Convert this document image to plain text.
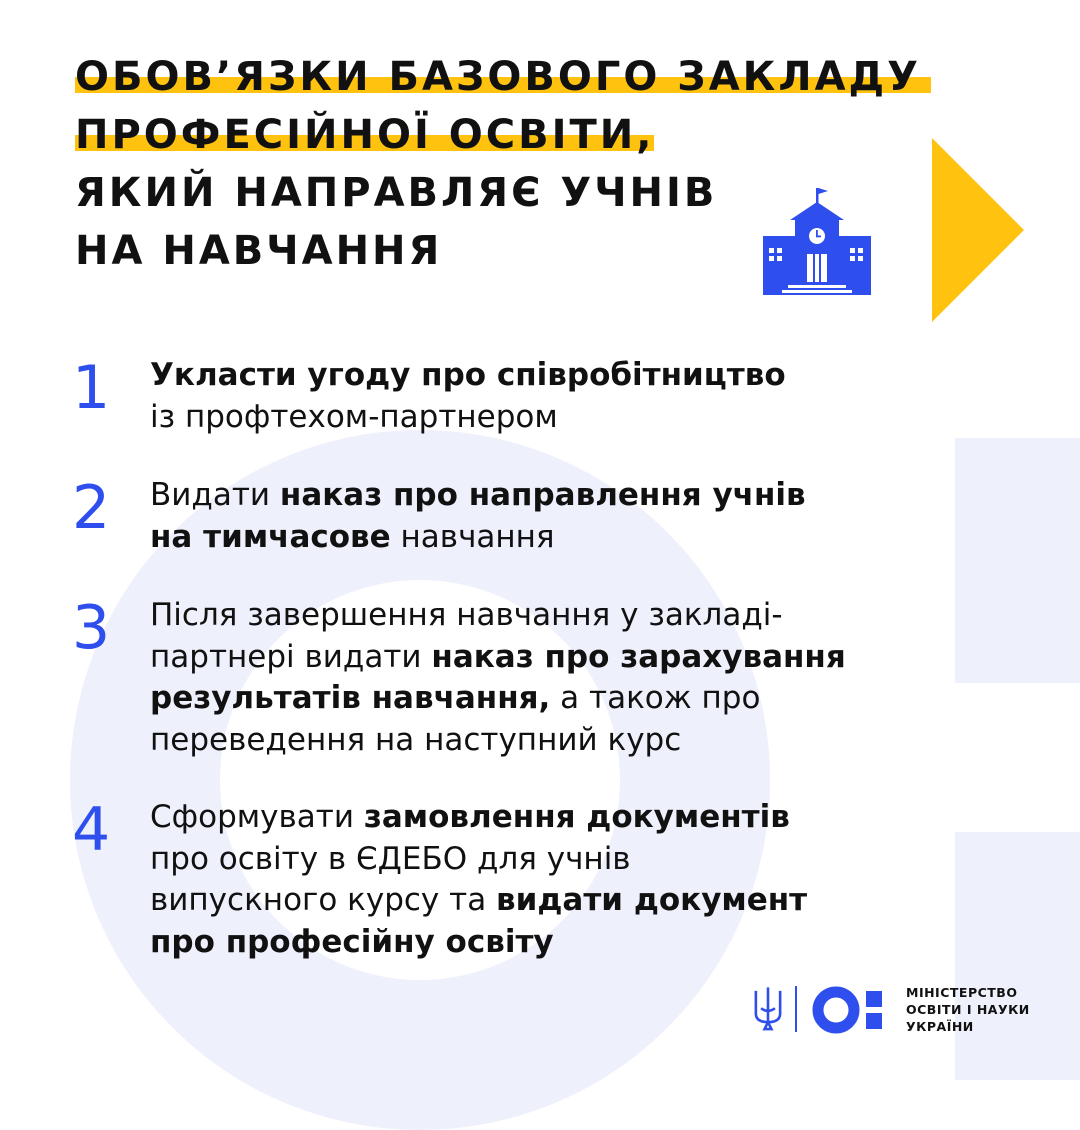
ОБОВ’ЯЗКИ БАЗОВОГО ЗАКЛАДУ
ПРОФЕСІЙНОЇ ОСВІТИ,
ЯКИЙ НАПРАВЛЯЄ УЧНІВ
НА НАВЧАННЯ
1	Укласти угоду про співробітництво
із профтехом-партнером
2	Видати наказ про направлення учнів
на тимчасове навчання
3	Після завершення навчання у закладі-
партнері видати наказ про зарахування
результатів навчання, а також про
переведення на наступний курс
4	Сформувати замовлення документів
про освіту в ЄДЕБО для учнів
випускного курсу та видати документ
про професійну освіту
МІНІСТЕРСТВО
ОСВІТИ І НАУКИ
УКРАЇНИ
